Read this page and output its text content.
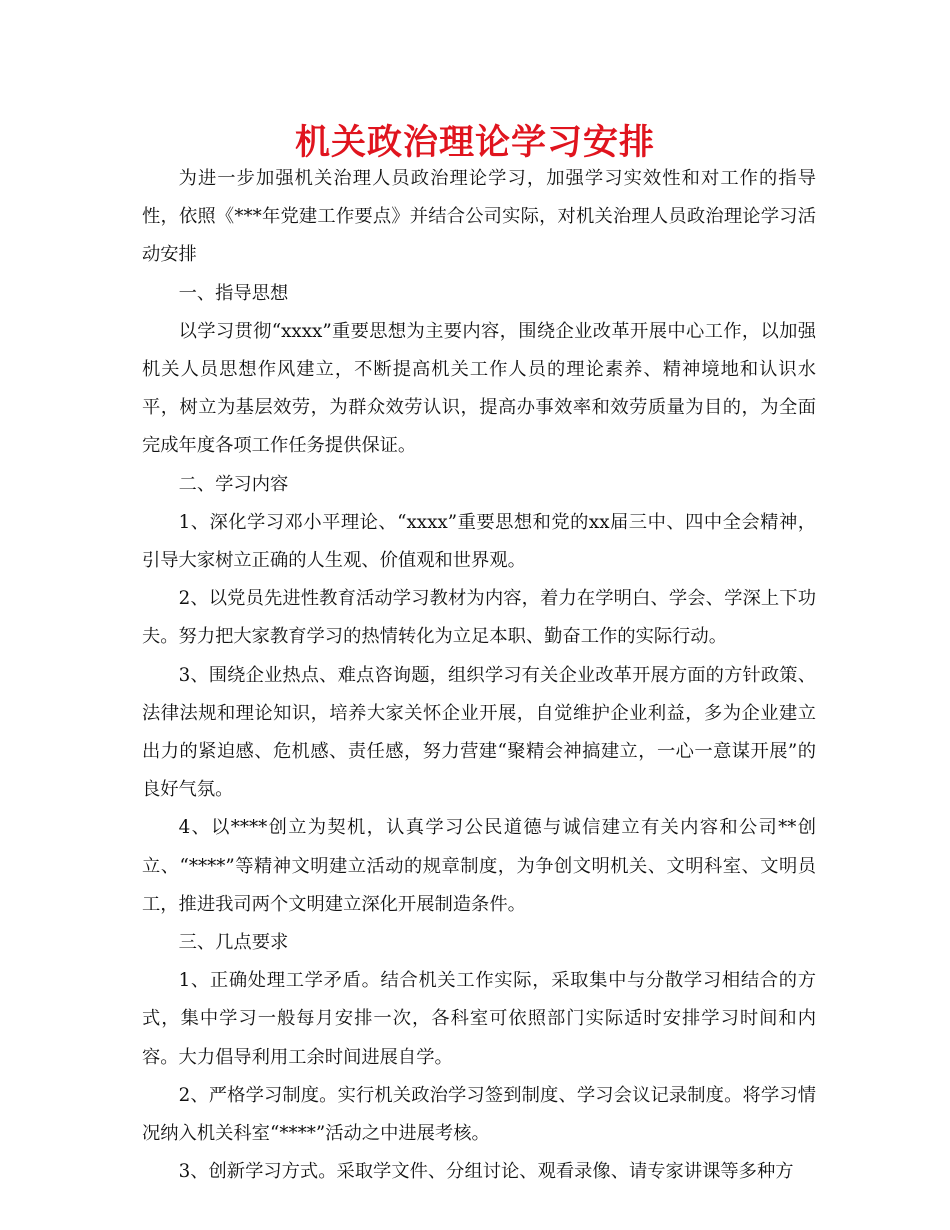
机关政治理论学习安排

为进一步加强机关治理人员政治理论学习，加强学习实效性和对工作的指导性，依照《***年党建工作要点》并结合公司实际，对机关治理人员政治理论学习活动安排

一、指导思想

以学习贯彻“xxxx”重要思想为主要内容，围绕企业改革开展中心工作，以加强机关人员思想作风建立，不断提高机关工作人员的理论素养、精神境地和认识水平，树立为基层效劳，为群众效劳认识，提高办事效率和效劳质量为目的，为全面完成年度各项工作任务提供保证。

二、学习内容

1、深化学习邓小平理论、“xxxx”重要思想和党的xx届三中、四中全会精神，引导大家树立正确的人生观、价值观和世界观。

2、以党员先进性教育活动学习教材为内容，着力在学明白、学会、学深上下功夫。努力把大家教育学习的热情转化为立足本职、勤奋工作的实际行动。

3、围绕企业热点、难点咨询题，组织学习有关企业改革开展方面的方针政策、法律法规和理论知识，培养大家关怀企业开展，自觉维护企业利益，多为企业建立出力的紧迫感、危机感、责任感，努力营建“聚精会神搞建立，一心一意谋开展”的良好气氛。

4、以****创立为契机，认真学习公民道德与诚信建立有关内容和公司**创立、“****”等精神文明建立活动的规章制度，为争创文明机关、文明科室、文明员工，推进我司两个文明建立深化开展制造条件。

三、几点要求

1、正确处理工学矛盾。结合机关工作实际，采取集中与分散学习相结合的方式，集中学习一般每月安排一次，各科室可依照部门实际适时安排学习时间和内容。大力倡导利用工余时间进展自学。

2、严格学习制度。实行机关政治学习签到制度、学习会议记录制度。将学习情况纳入机关科室“****”活动之中进展考核。

3、创新学习方式。采取学文件、分组讨论、观看录像、请专家讲课等多种方
